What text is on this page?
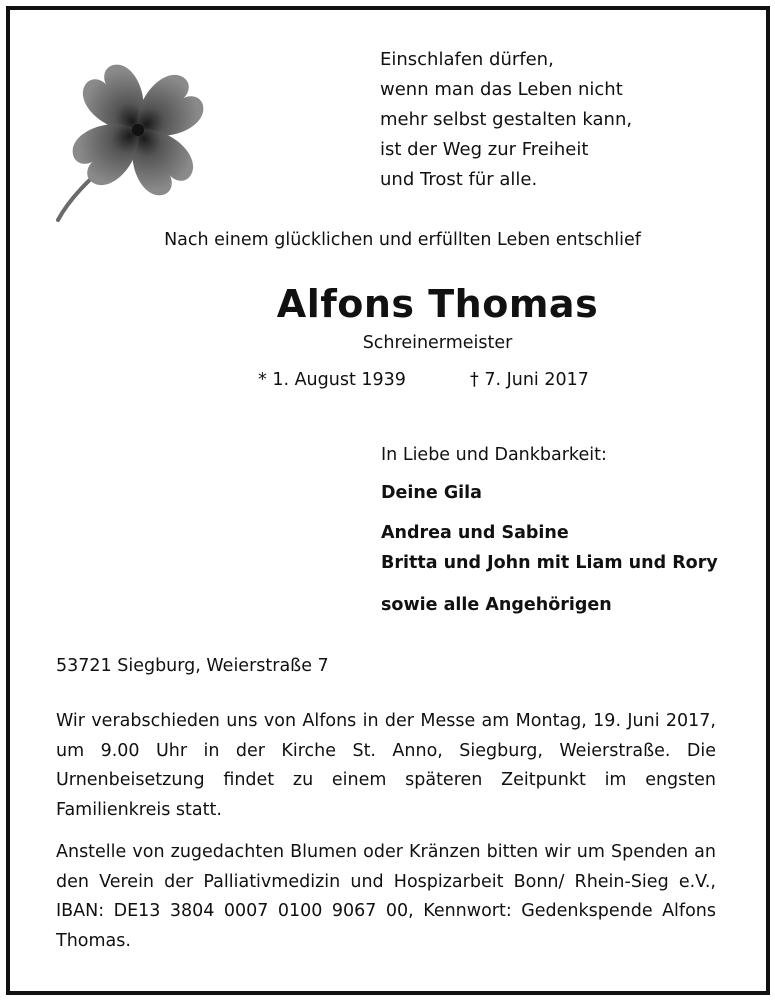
Einschlafen dürfen,
wenn man das Leben nicht
mehr selbst gestalten kann,
ist der Weg zur Freiheit
und Trost für alle.
Nach einem glücklichen und erfüllten Leben entschlief
Alfons Thomas
Schreinermeister
* 1. August 1939	† 7. Juni 2017
In Liebe und Dankbarkeit:
Deine Gila
Andrea und Sabine
Britta und John mit Liam und Rory
sowie alle Angehörigen
53721 Siegburg, Weierstraße 7
Wir verabschieden uns von Alfons in der Messe am Montag, 19. Juni 2017, um 9.00 Uhr in der Kirche St. Anno, Siegburg, Weierstraße. Die Urnenbeisetzung findet zu einem späteren Zeitpunkt im engsten Familienkreis statt.
Anstelle von zugedachten Blumen oder Kränzen bitten wir um Spenden an den Verein der Palliativmedizin und Hospizarbeit Bonn/ Rhein-Sieg e.V., IBAN: DE13 3804 0007 0100 9067 00, Kennwort: Gedenkspende Alfons Thomas.
